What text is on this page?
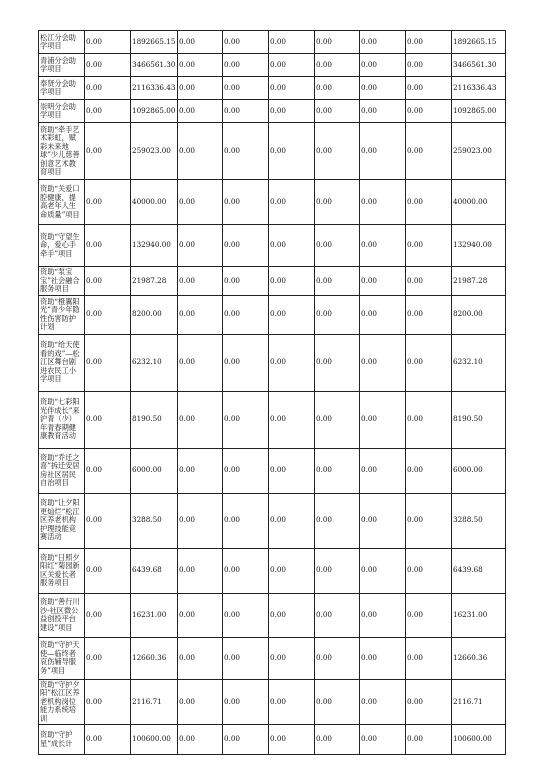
松江分会助学项目	0.00	1892665.15	0.00	0.00	0.00	0.00	0.00	0.00	1892665.15
青浦分会助学项目	0.00	3466561.30	0.00	0.00	0.00	0.00	0.00	0.00	3466561.30
奉贤分会助学项目	0.00	2116336.43	0.00	0.00	0.00	0.00	0.00	0.00	2116336.43
崇明分会助学项目	0.00	1092865.00	0.00	0.00	0.00	0.00	0.00	0.00	1092865.00
资助“牵手艺术彩虹，赋彩未来地球”少儿慈善创意艺术教育项目	0.00	259023.00	0.00	0.00	0.00	0.00	0.00	0.00	259023.00
资助“关爱口腔健康，提高老年人生命质量”项目	0.00	40000.00	0.00	0.00	0.00	0.00	0.00	0.00	40000.00
资助“守望生命，爱心手牵手”项目	0.00	132940.00	0.00	0.00	0.00	0.00	0.00	0.00	132940.00
资助“泵宝宝”社会融合服务项目	0.00	21987.28	0.00	0.00	0.00	0.00	0.00	0.00	21987.28
资助“橙翼阳光”青少年隐性伤害防护计划	0.00	8200.00	0.00	0.00	0.00	0.00	0.00	0.00	8200.00
资助“给天使看的戏”—松江区舞台剧进农民工小学项目	0.00	6232.10	0.00	0.00	0.00	0.00	0.00	0.00	6232.10
资助“七彩阳光伴成长”来沪青（少）年青春期健康教育活动	0.00	8190.50	0.00	0.00	0.00	0.00	0.00	0.00	8190.50
资助“乔迁之喜”拆迁安居房社区居民自治项目	0.00	6000.00	0.00	0.00	0.00	0.00	0.00	0.00	6000.00
资助“让夕阳更灿烂”松江区养老机构护理技能竞赛活动	0.00	3288.50	0.00	0.00	0.00	0.00	0.00	0.00	3288.50
资助“日照夕阳红”菊园新区关爱长者服务项目	0.00	6439.68	0.00	0.00	0.00	0.00	0.00	0.00	6439.68
资助“善行川沙-社区微公益创投平台建设”项目	0.00	16231.00	0.00	0.00	0.00	0.00	0.00	0.00	16231.00
资助“守护天使—临终者哀伤辅导服务”项目	0.00	12660.36	0.00	0.00	0.00	0.00	0.00	0.00	12660.36
资助“守护夕阳”松江区养老机构岗位能力系统培训	0.00	2116.71	0.00	0.00	0.00	0.00	0.00	0.00	2116.71
资助“守护星”成长计	0.00	100600.00	0.00	0.00	0.00	0.00	0.00	0.00	100600.00
